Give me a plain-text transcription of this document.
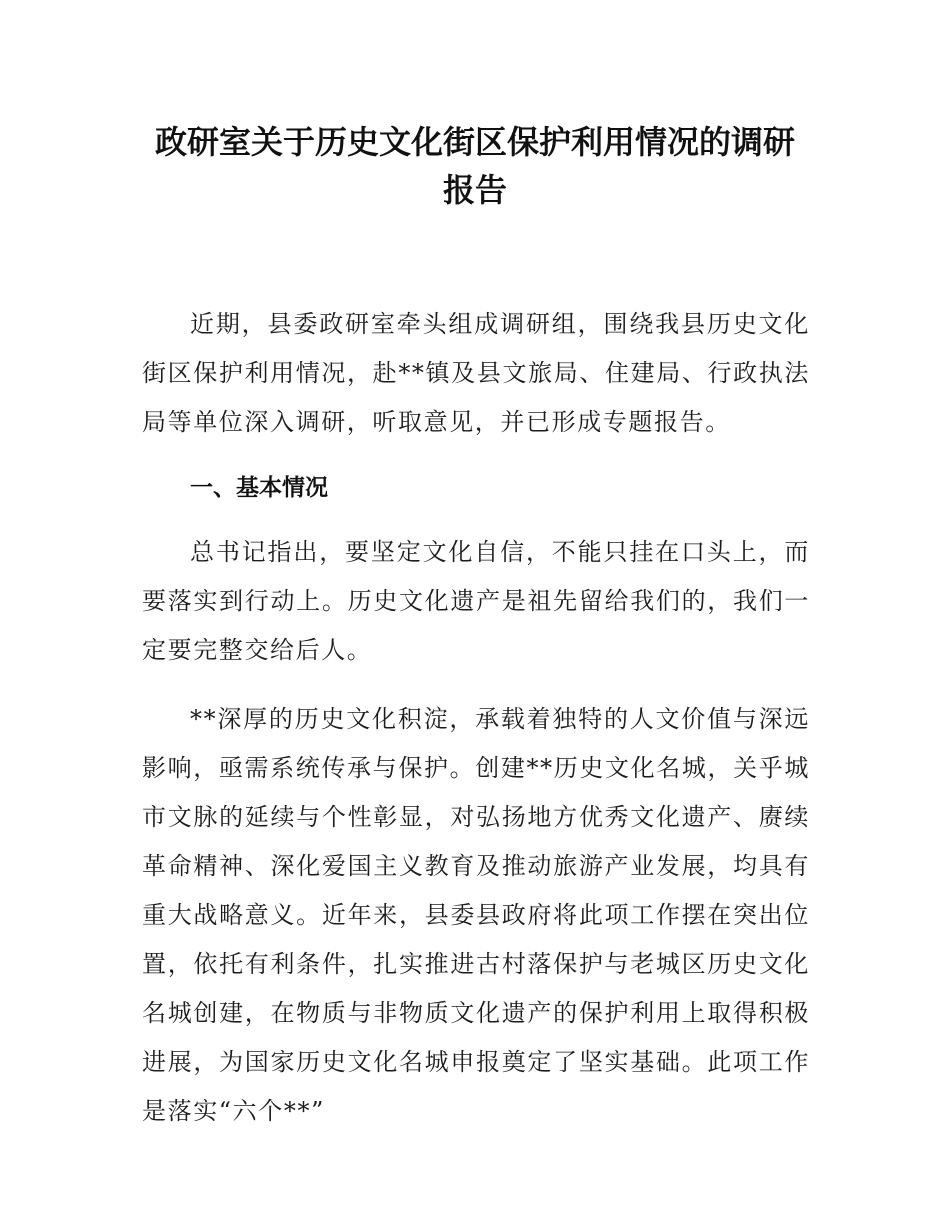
政研室关于历史文化街区保护利用情况的调研报告

近期，县委政研室牵头组成调研组，围绕我县历史文化街区保护利用情况，赴**镇及县文旅局、住建局、行政执法局等单位深入调研，听取意见，并已形成专题报告。

一、基本情况

总书记指出，要坚定文化自信，不能只挂在口头上，而要落实到行动上。历史文化遗产是祖先留给我们的，我们一定要完整交给后人。

**深厚的历史文化积淀，承载着独特的人文价值与深远影响，亟需系统传承与保护。创建**历史文化名城，关乎城市文脉的延续与个性彰显，对弘扬地方优秀文化遗产、赓续革命精神、深化爱国主义教育及推动旅游产业发展，均具有重大战略意义。近年来，县委县政府将此项工作摆在突出位置，依托有利条件，扎实推进古村落保护与老城区历史文化名城创建，在物质与非物质文化遗产的保护利用上取得积极进展，为国家历史文化名城申报奠定了坚实基础。此项工作是落实“六个**”
